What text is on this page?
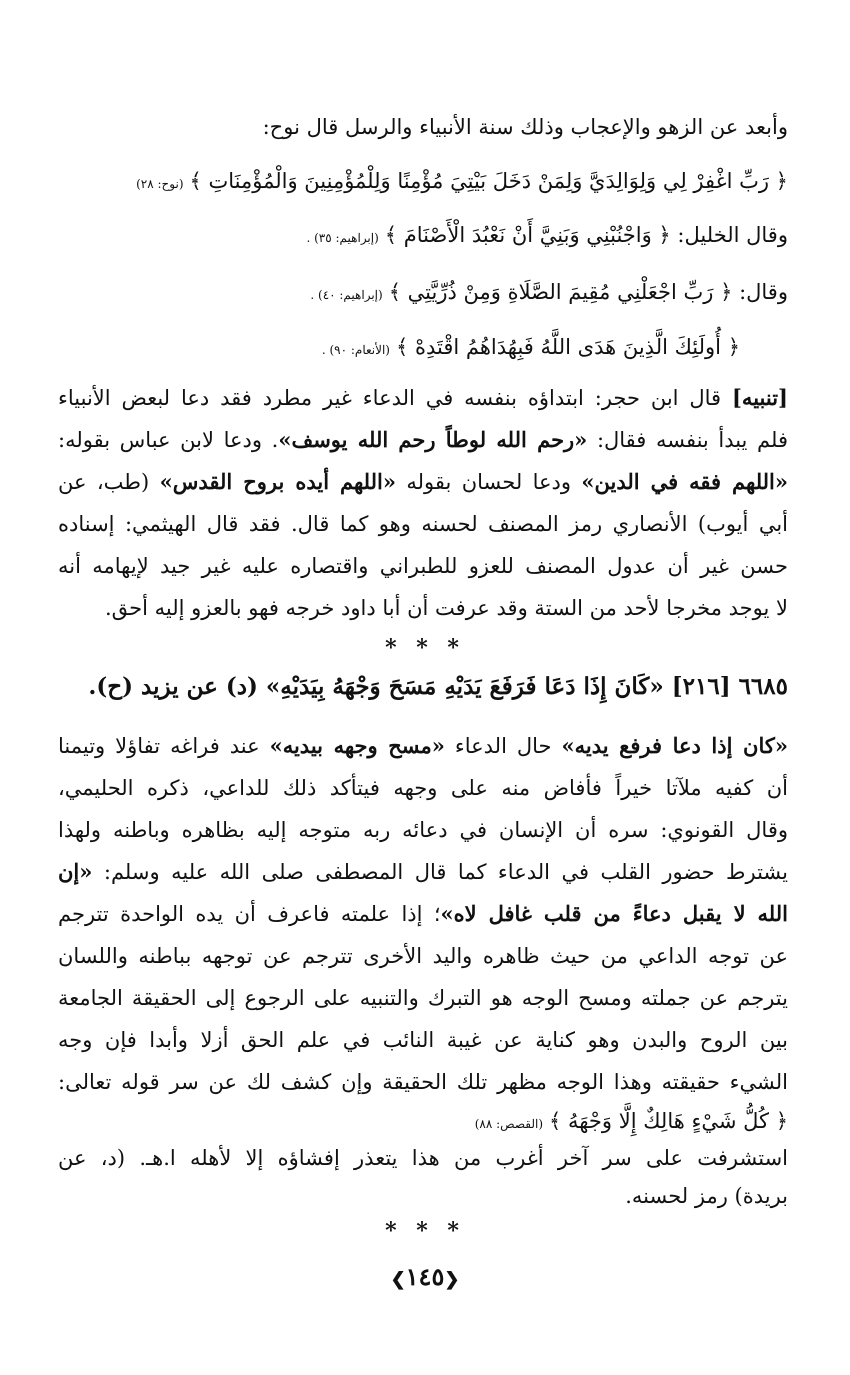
وأبعد عن الزهو والإعجاب وذلك سنة الأنبياء والرسل قال نوح:
﴿ رَبِّ اغْفِرْ لِي وَلِوَالِدَيَّ وَلِمَنْ دَخَلَ بَيْتِيَ مُؤْمِنًا وَلِلْمُؤْمِنِينَ وَالْمُؤْمِنَاتِ ﴾(نوح: ٢٨)
وقال الخليل: ﴿ وَاجْنُبْنِي وَبَنِيَّ أَنْ نَعْبُدَ الْأَصْنَامَ ﴾(إبراهيم: ٣٥) .
وقال: ﴿ رَبِّ اجْعَلْنِي مُقِيمَ الصَّلَاةِ وَمِنْ ذُرِّيَّتِي ﴾(إبراهيم: ٤٠) .
﴿ أُولَئِكَ الَّذِينَ هَدَى اللَّهُ فَبِهُدَاهُمُ اقْتَدِهْ ﴾(الأنعام: ٩٠) .
[تنبيه] قال ابن حجر: ابتداؤه بنفسه في الدعاء غير مطرد فقد دعا لبعض الأنبياء
فلم يبدأ بنفسه فقال: «رحم الله لوطاً رحم الله يوسف». ودعا لابن عباس بقوله:
«اللهم فقه في الدين» ودعا لحسان بقوله «اللهم أيده بروح القدس» (طب، عن
أبي أيوب) الأنصاري رمز المصنف لحسنه وهو كما قال. فقد قال الهيثمي: إسناده
حسن غير أن عدول المصنف للعزو للطبراني واقتصاره عليه غير جيد لإيهامه أنه
لا يوجد مخرجا لأحد من الستة وقد عرفت أن أبا داود خرجه فهو بالعزو إليه أحق.
* * *
٦٦٨٥ [٢١٦] «كَانَ إِذَا دَعَا فَرَفَعَ يَدَيْهِ مَسَحَ وَجْهَهُ بِيَدَيْهِ» (د) عن يزيد (ح).
«كان إذا دعا فرفع يديه» حال الدعاء «مسح وجهه بيديه» عند فراغه تفاؤلا وتيمنا
أن كفيه ملآتا خيراً فأفاض منه على وجهه فيتأكد ذلك للداعي، ذكره الحليمي،
وقال القونوي: سره أن الإنسان في دعائه ربه متوجه إليه بظاهره وباطنه ولهذا
يشترط حضور القلب في الدعاء كما قال المصطفى صلى الله عليه وسلم: «إن
الله لا يقبل دعاءً من قلب غافل لاه»؛ إذا علمته فاعرف أن يده الواحدة تترجم
عن توجه الداعي من حيث ظاهره واليد الأخرى تترجم عن توجهه بباطنه واللسان
يترجم عن جملته ومسح الوجه هو التبرك والتنبيه على الرجوع إلى الحقيقة الجامعة
بين الروح والبدن وهو كناية عن غيبة النائب في علم الحق أزلا وأبدا فإن وجه
الشيء حقيقته وهذا الوجه مظهر تلك الحقيقة وإن كشف لك عن سر قوله تعالى:
﴿ كُلُّ شَيْءٍ هَالِكٌ إِلَّا وَجْهَهُ ﴾(القصص: ٨٨)
استشرفت على سر آخر أغرب من هذا يتعذر إفشاؤه إلا لأهله ا.هـ. (د، عن
بريدة) رمز لحسنه.
* * *
❮١٤٥❯
